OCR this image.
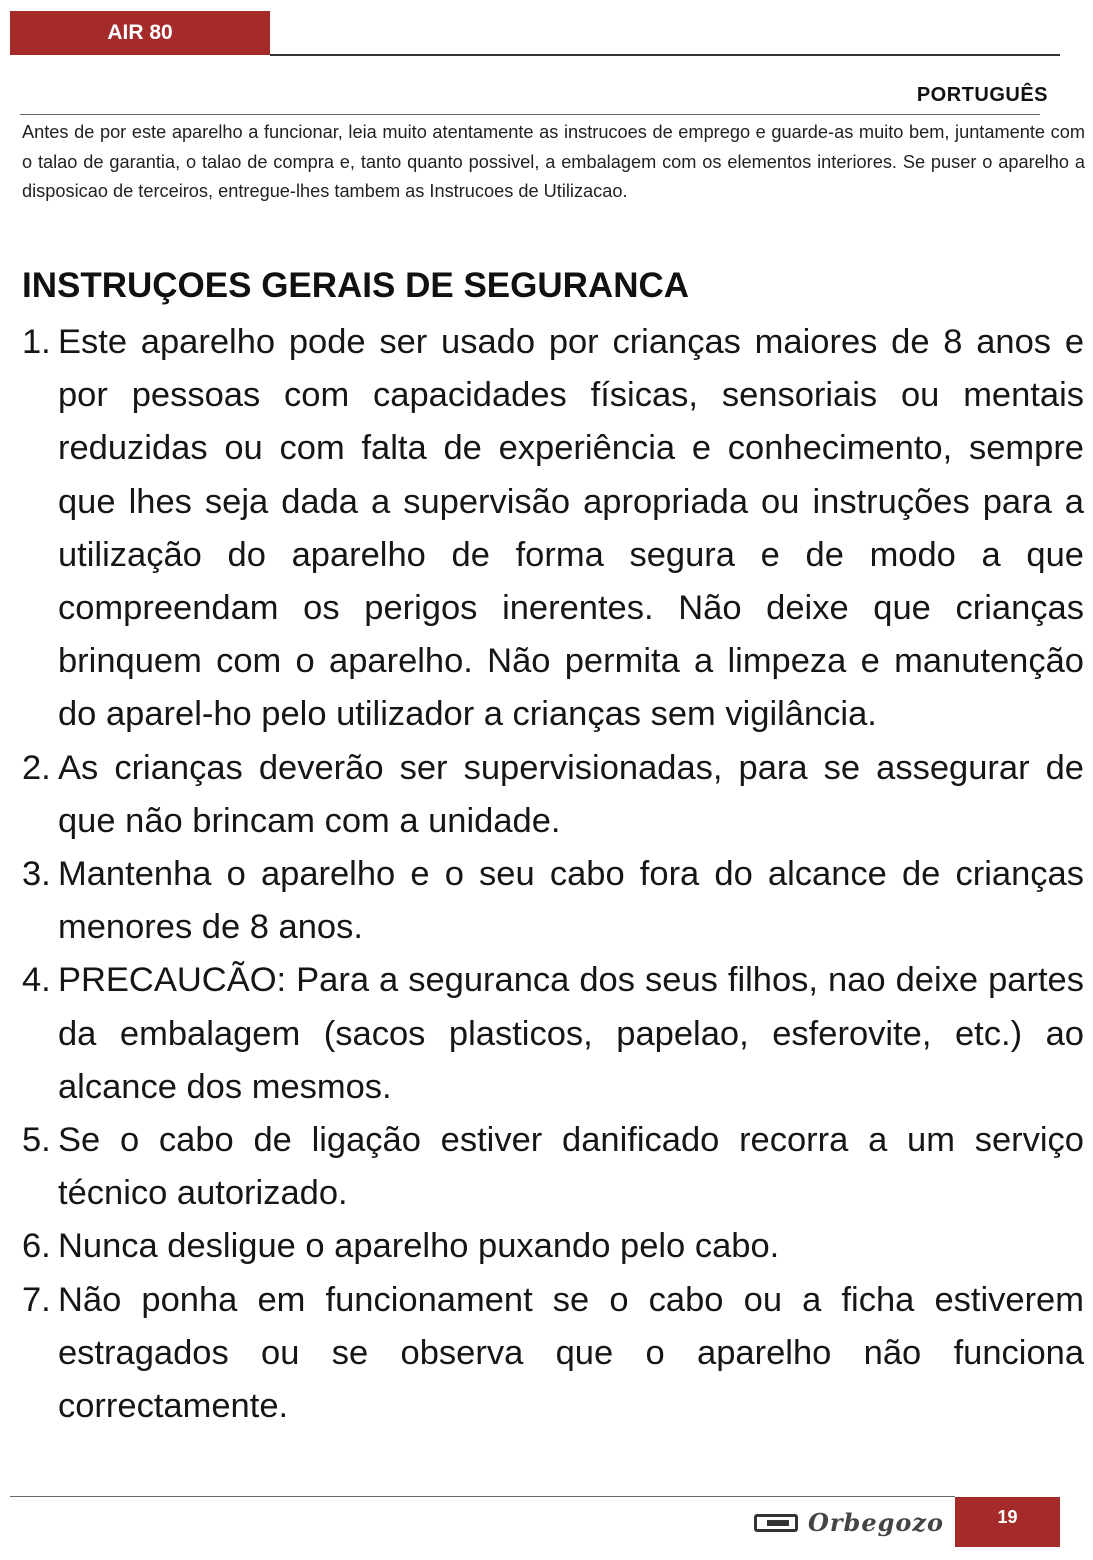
AIR 80
PORTUGUÊS
Antes de por este aparelho a funcionar, leia muito atentamente as instrucoes de emprego e guarde-as muito bem, juntamente com o talao de garantia, o talao de compra e, tanto quanto possivel, a embalagem com os elementos interiores. Se puser o aparelho a disposicao de terceiros, entregue-lhes tambem as Instrucoes de Utilizacao.
INSTRUÇOES GERAIS DE SEGURANCA
1. Este aparelho pode ser usado por crianças maiores de 8 anos e por pessoas com capacidades físicas, sensoriais ou mentais reduzidas ou com falta de experiência e conhecimento, sempre que lhes seja dada a supervisão apropriada ou instruções para a utilização do aparelho de forma segura e de modo a que compreendam os perigos inerentes. Não deixe que crianças brinquem com o aparelho. Não permita a limpeza e manutenção do aparel-ho pelo utilizador a crianças sem vigilância.
2. As crianças deverão ser supervisionadas, para se assegurar de que não brincam com a unidade.
3. Mantenha o aparelho e o seu cabo fora do alcance de crianças menores de 8 anos.
4. PRECAUCÃO: Para a seguranca dos seus filhos, nao deixe partes da embalagem (sacos plasticos, papelao, esferovite, etc.) ao alcance dos mesmos.
5. Se o cabo de ligação estiver danificado recorra a um serviço técnico autorizado.
6. Nunca desligue o aparelho puxando pelo cabo.
7. Não ponha em funcionament se o cabo ou a ficha estiverem estragados ou se observa que o aparelho não funciona correctamente.
Orbegozo	19
